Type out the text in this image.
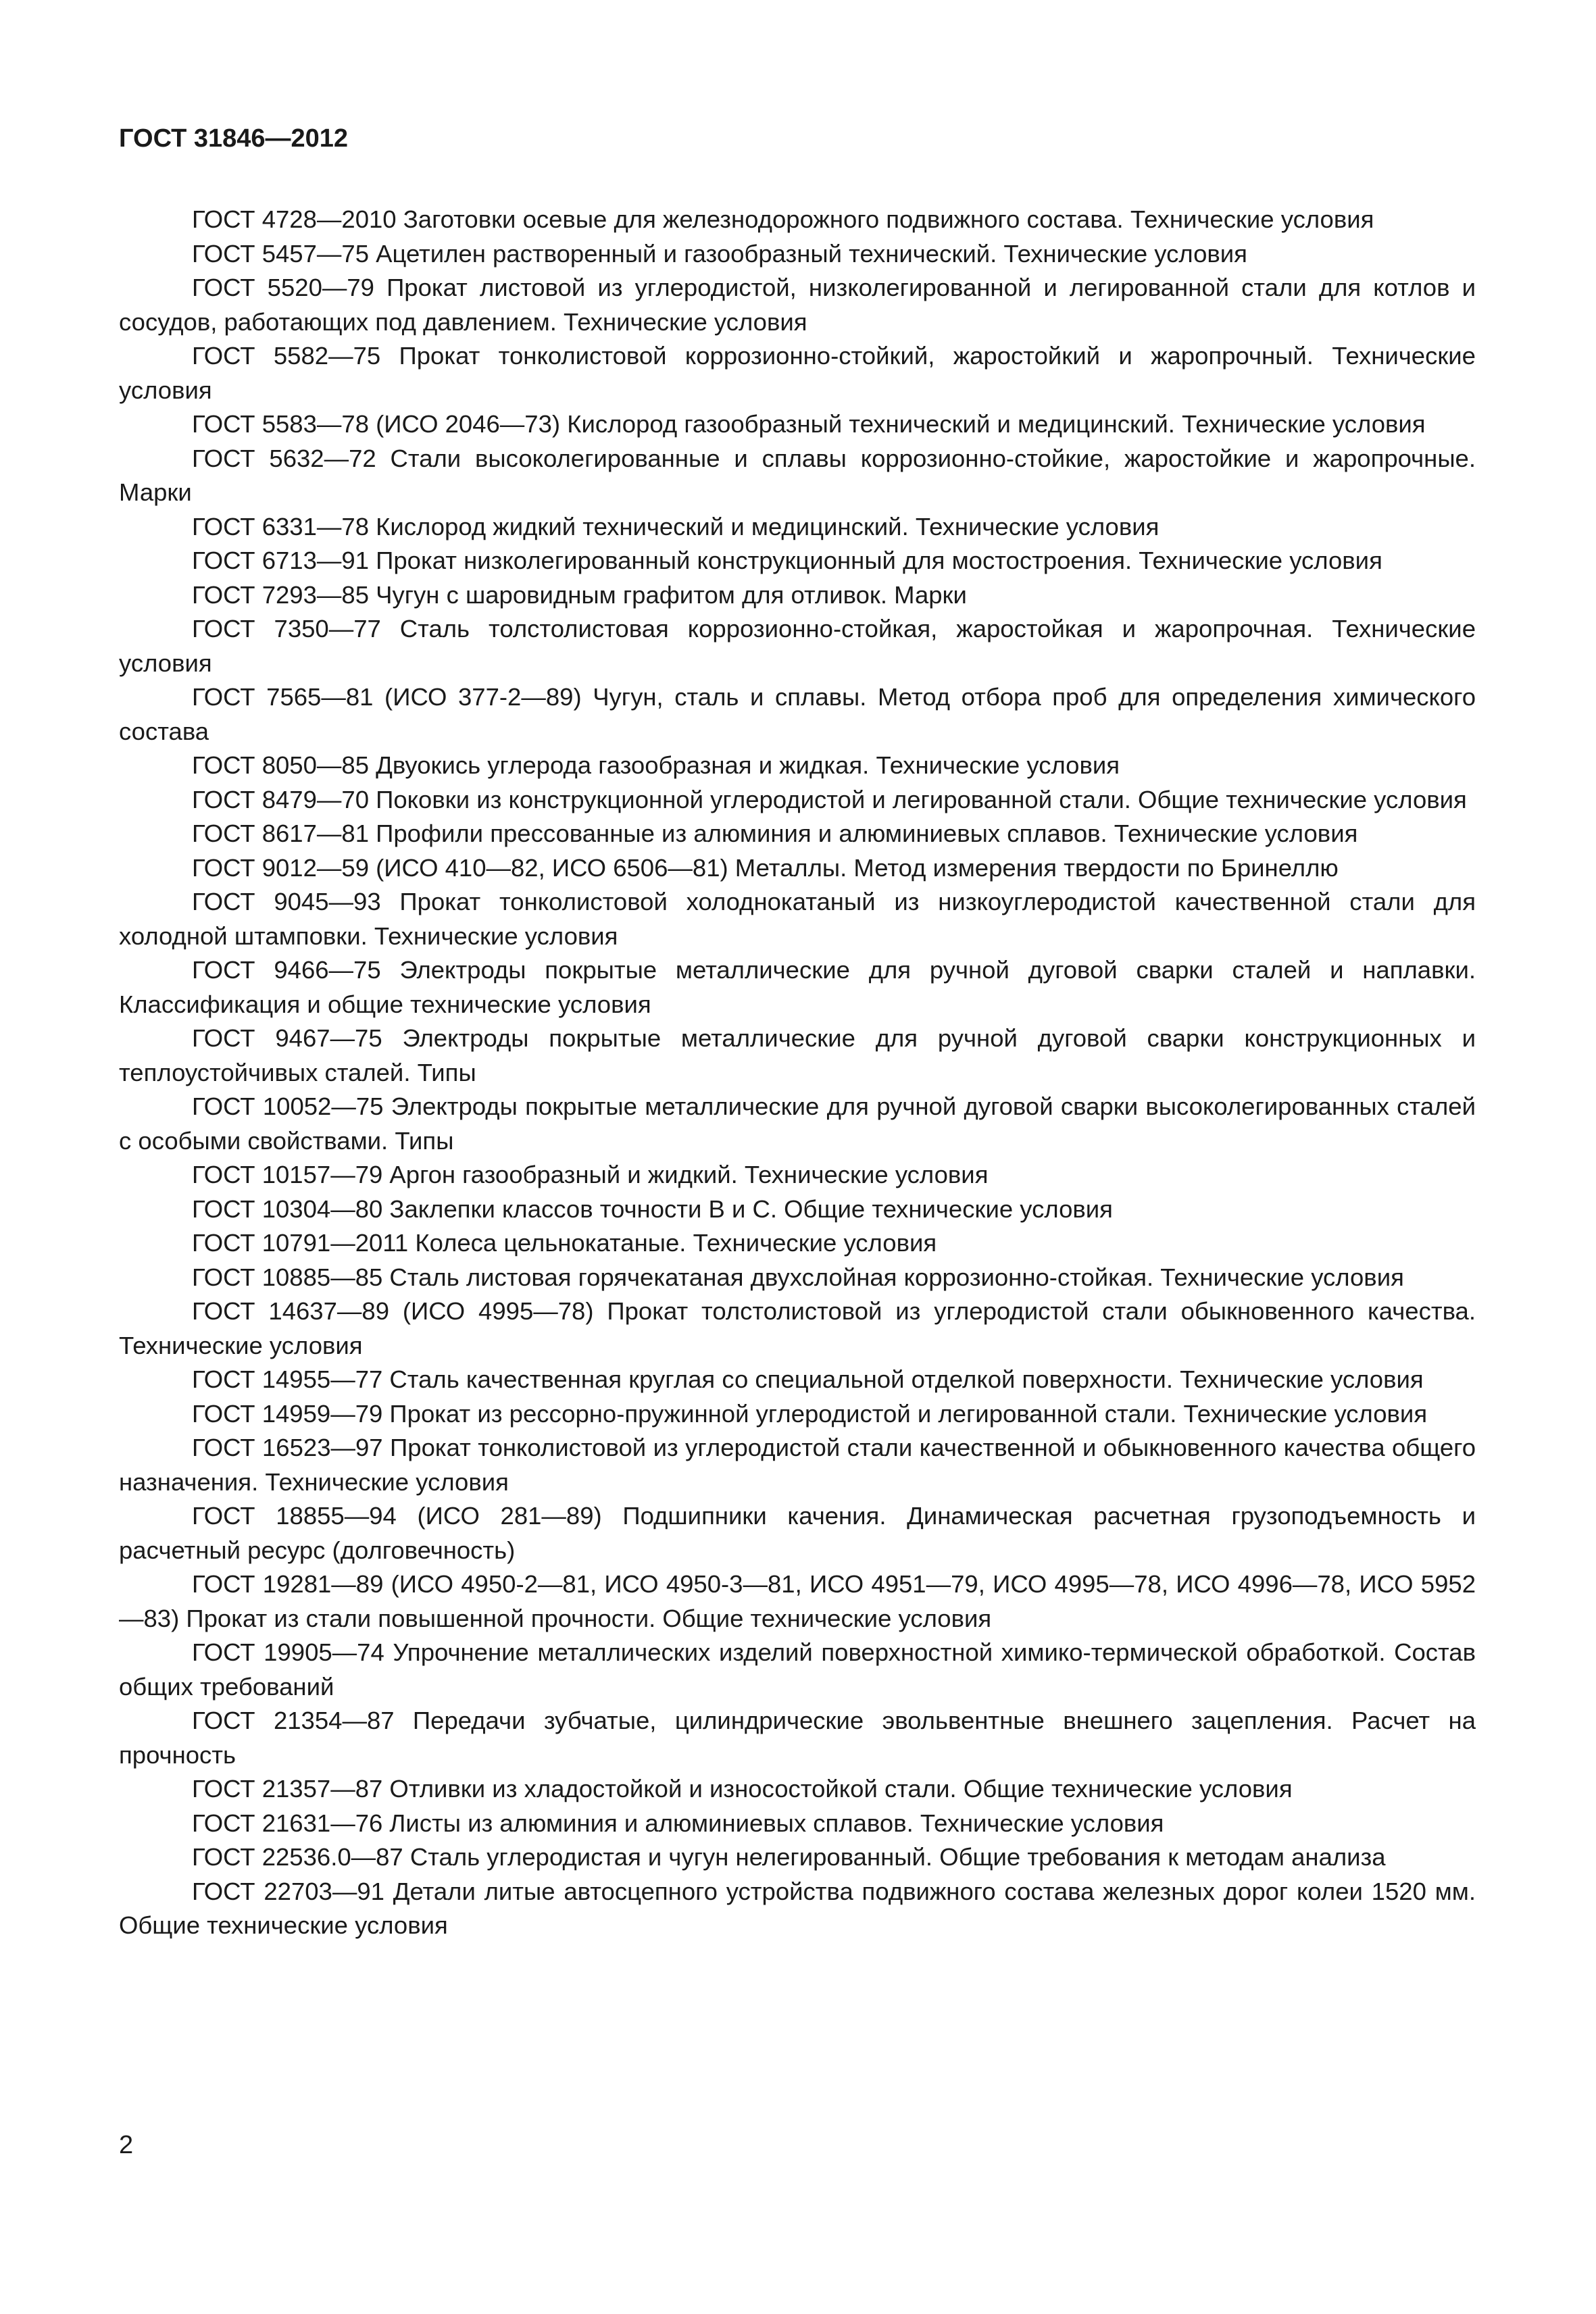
ГОСТ 31846—2012

ГОСТ 4728—2010 Заготовки осевые для железнодорожного подвижного состава. Технические условия

ГОСТ 5457—75 Ацетилен растворенный и газообразный технический. Технические условия

ГОСТ 5520—79 Прокат листовой из углеродистой, низколегированной и легированной стали для котлов и сосудов, работающих под давлением. Технические условия

ГОСТ 5582—75 Прокат тонколистовой коррозионно-стойкий, жаростойкий и жаропрочный. Технические условия

ГОСТ 5583—78 (ИСО 2046—73) Кислород газообразный технический и медицинский. Технические условия

ГОСТ 5632—72 Стали высоколегированные и сплавы коррозионно-стойкие, жаростойкие и жаропрочные. Марки

ГОСТ 6331—78 Кислород жидкий технический и медицинский. Технические условия

ГОСТ 6713—91 Прокат низколегированный конструкционный для мостостроения. Технические условия

ГОСТ 7293—85 Чугун с шаровидным графитом для отливок. Марки

ГОСТ 7350—77 Сталь толстолистовая коррозионно-стойкая, жаростойкая и жаропрочная. Технические условия

ГОСТ 7565—81 (ИСО 377-2—89) Чугун, сталь и сплавы. Метод отбора проб для определения химического состава

ГОСТ 8050—85 Двуокись углерода газообразная и жидкая. Технические условия

ГОСТ 8479—70 Поковки из конструкционной углеродистой и легированной стали. Общие технические условия

ГОСТ 8617—81 Профили прессованные из алюминия и алюминиевых сплавов. Технические условия

ГОСТ 9012—59 (ИСО 410—82, ИСО 6506—81) Металлы. Метод измерения твердости по Бринеллю

ГОСТ 9045—93 Прокат тонколистовой холоднокатаный из низкоуглеродистой качественной стали для холодной штамповки. Технические условия

ГОСТ 9466—75 Электроды покрытые металлические для ручной дуговой сварки сталей и наплавки. Классификация и общие технические условия

ГОСТ 9467—75 Электроды покрытые металлические для ручной дуговой сварки конструкционных и теплоустойчивых сталей. Типы

ГОСТ 10052—75 Электроды покрытые металлические для ручной дуговой сварки высоколегированных сталей с особыми свойствами. Типы

ГОСТ 10157—79 Аргон газообразный и жидкий. Технические условия

ГОСТ 10304—80 Заклепки классов точности В и С. Общие технические условия

ГОСТ 10791—2011 Колеса цельнокатаные. Технические условия

ГОСТ 10885—85 Сталь листовая горячекатаная двухслойная коррозионно-стойкая. Технические условия

ГОСТ 14637—89 (ИСО 4995—78) Прокат толстолистовой из углеродистой стали обыкновенного качества. Технические условия

ГОСТ 14955—77 Сталь качественная круглая со специальной отделкой поверхности. Технические условия

ГОСТ 14959—79 Прокат из рессорно-пружинной углеродистой и легированной стали. Технические условия

ГОСТ 16523—97 Прокат тонколистовой из углеродистой стали качественной и обыкновенного качества общего назначения. Технические условия

ГОСТ 18855—94 (ИСО 281—89) Подшипники качения. Динамическая расчетная грузоподъемность и расчетный ресурс (долговечность)

ГОСТ 19281—89 (ИСО 4950-2—81, ИСО 4950-3—81, ИСО 4951—79, ИСО 4995—78, ИСО 4996—78, ИСО 5952—83) Прокат из стали повышенной прочности. Общие технические условия

ГОСТ 19905—74 Упрочнение металлических изделий поверхностной химико-термической обработкой. Состав общих требований

ГОСТ 21354—87 Передачи зубчатые, цилиндрические эвольвентные внешнего зацепления. Расчет на прочность

ГОСТ 21357—87 Отливки из хладостойкой и износостойкой стали. Общие технические условия

ГОСТ 21631—76 Листы из алюминия и алюминиевых сплавов. Технические условия

ГОСТ 22536.0—87 Сталь углеродистая и чугун нелегированный. Общие требования к методам анализа

ГОСТ 22703—91 Детали литые автосцепного устройства подвижного состава железных дорог колеи 1520 мм. Общие технические условия

2
